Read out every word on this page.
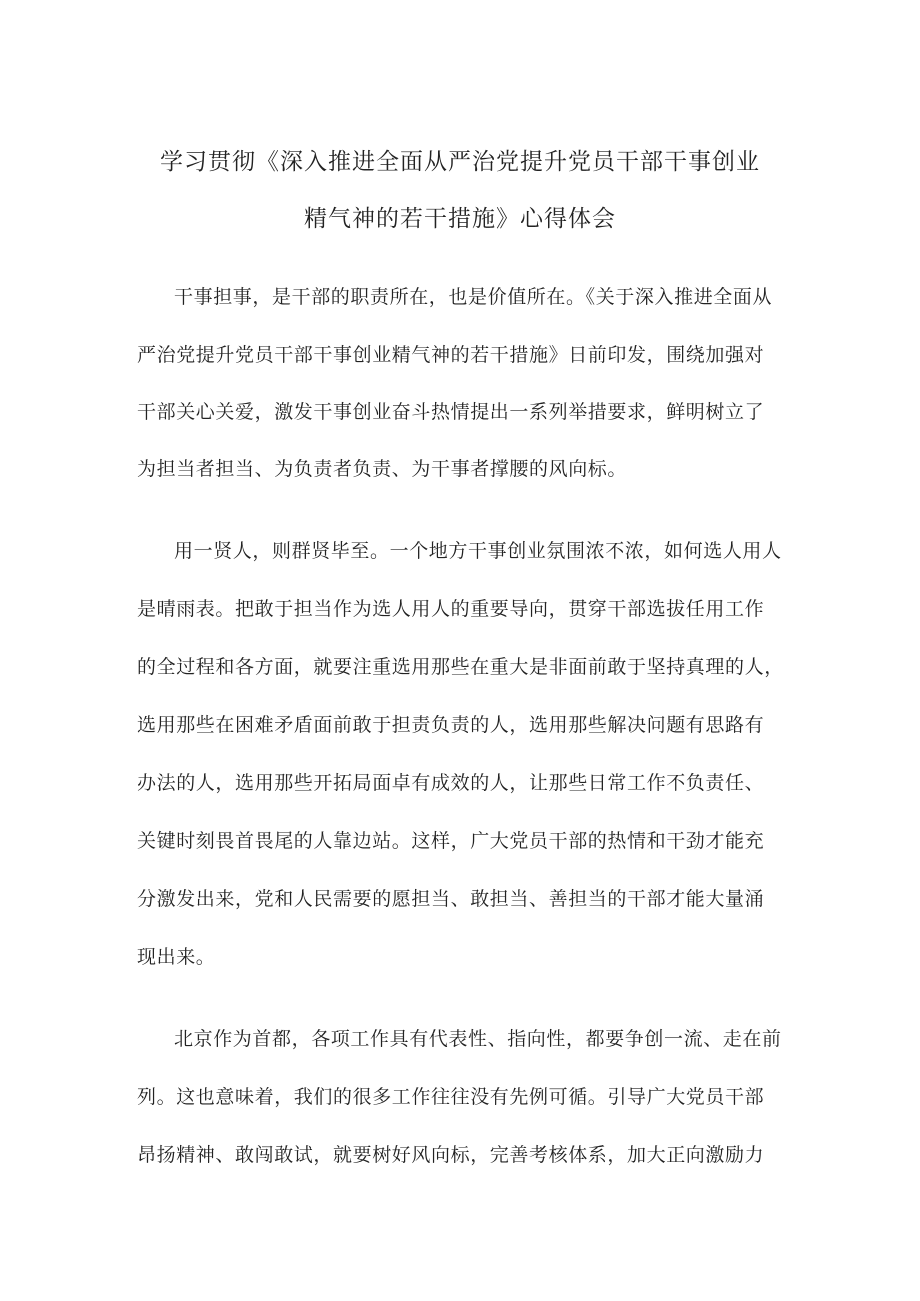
学习贯彻《深入推进全面从严治党提升党员干部干事创业
精气神的若干措施》心得体会
干事担事，是干部的职责所在，也是价值所在。《关于深入推进全面从
严治党提升党员干部干事创业精气神的若干措施》日前印发，围绕加强对
干部关心关爱，激发干事创业奋斗热情提出一系列举措要求，鲜明树立了
为担当者担当、为负责者负责、为干事者撑腰的风向标。
用一贤人，则群贤毕至。一个地方干事创业氛围浓不浓，如何选人用人
是晴雨表。把敢于担当作为选人用人的重要导向，贯穿干部选拔任用工作
的全过程和各方面，就要注重选用那些在重大是非面前敢于坚持真理的人，
选用那些在困难矛盾面前敢于担责负责的人，选用那些解决问题有思路有
办法的人，选用那些开拓局面卓有成效的人，让那些日常工作不负责任、
关键时刻畏首畏尾的人靠边站。这样，广大党员干部的热情和干劲才能充
分激发出来，党和人民需要的愿担当、敢担当、善担当的干部才能大量涌
现出来。
北京作为首都，各项工作具有代表性、指向性，都要争创一流、走在前
列。这也意味着，我们的很多工作往往没有先例可循。引导广大党员干部
昂扬精神、敢闯敢试，就要树好风向标，完善考核体系，加大正向激励力
